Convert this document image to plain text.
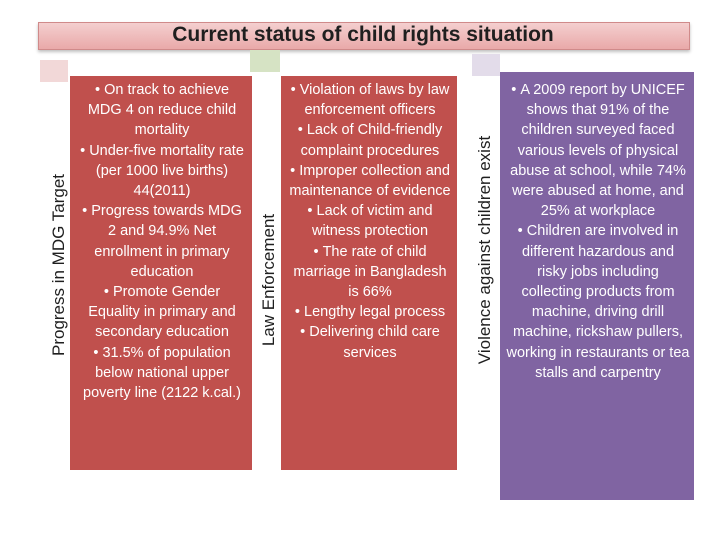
Current status of child rights situation
Progress in MDG Target
• On track to achieve MDG 4 on reduce child mortality
• Under-five mortality rate (per 1000 live births) 44(2011)
• Progress towards MDG 2 and 94.9% Net enrollment in primary education
• Promote Gender Equality in primary and secondary education
• 31.5% of population below national upper poverty line (2122 k.cal.)
Law Enforcement
• Violation of laws by law enforcement officers
• Lack of Child-friendly complaint procedures
• Improper collection and maintenance of evidence
• Lack of victim and witness protection
• The rate of child marriage in Bangladesh is 66%
• Lengthy legal process
• Delivering child care services	Violence against children exist
• A 2009 report by UNICEF shows that 91% of the children surveyed faced various levels of physical abuse at school, while 74% were abused at home, and 25% at workplace
• Children are involved in different hazardous and risky jobs including collecting products from machine, driving drill machine, rickshaw pullers, working in restaurants or tea stalls and carpentry
